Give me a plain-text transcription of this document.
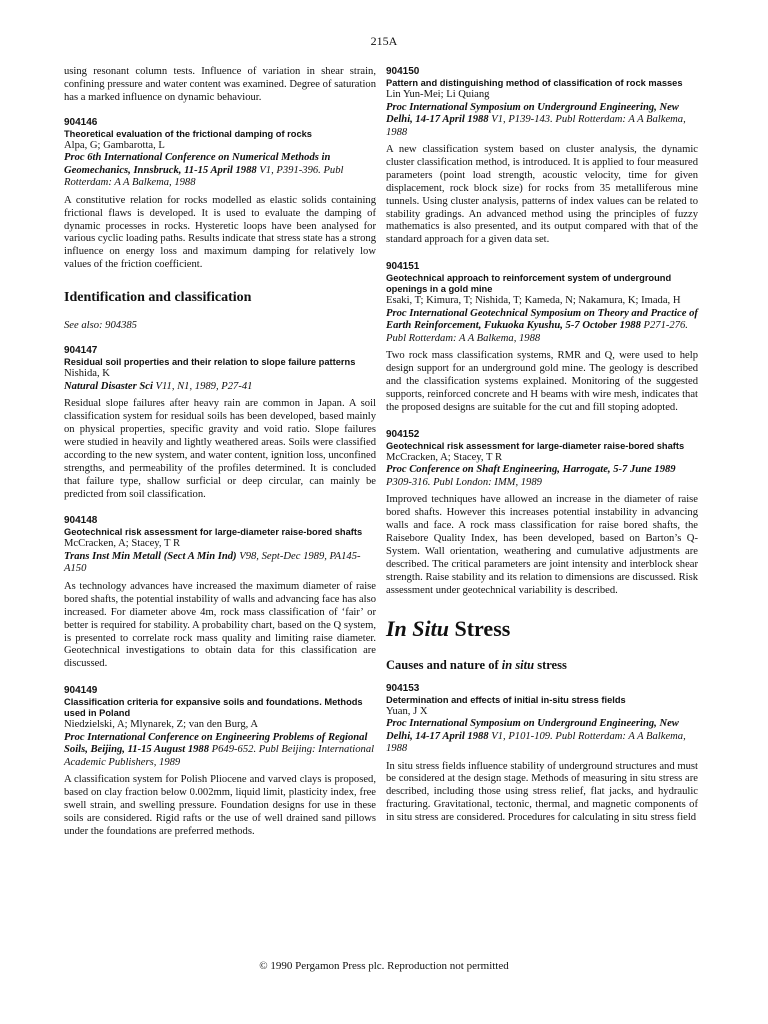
215A

using resonant column tests. Influence of variation in shear strain, confining pressure and water content was examined. Degree of saturation has a marked influence on dynamic behaviour.

904146

Theoretical evaluation of the frictional damping of rocks

Alpa, G; Gambarotta, L

Proc 6th International Conference on Numerical Methods in Geomechanics, Innsbruck, 11-15 April 1988 V1, P391-396. Publ Rotterdam: A A Balkema, 1988

A constitutive relation for rocks modelled as elastic solids containing frictional flaws is developed. It is used to evaluate the damping of dynamic processes in rocks. Hysteretic loops have been analysed for various cyclic loading paths. Results indicate that stress state has a strong influence on energy loss and maximum damping for relatively low values of the friction coefficient.

Identification and classification

See also: 904385

904147

Residual soil properties and their relation to slope failure patterns

Nishida, K

Natural Disaster Sci V11, N1, 1989, P27-41

Residual slope failures after heavy rain are common in Japan. A soil classification system for residual soils has been developed, based mainly on physical properties, specific gravity and void ratio. Slope failures were studied in heavily and lightly weathered areas. Soils were classified according to the new system, and water content, ignition loss, unconfined strengths, and permeability of the profiles determined. It is concluded that failure type, shallow surficial or deep circular, can mainly be predicted from soil classification.

904148

Geotechnical risk assessment for large-diameter raise-bored shafts

McCracken, A; Stacey, T R

Trans Inst Min Metall (Sect A Min Ind) V98, Sept-Dec 1989, PA145-A150

As technology advances have increased the maximum diameter of raise bored shafts, the potential instability of walls and advancing face has also increased. For diameter above 4m, rock mass classification of ‘fair’ or better is required for stability. A probability chart, based on the Q system, is presented to correlate rock mass quality and limiting raise diameter. Geotechnical investigations to obtain data for this classification are discussed.

904149

Classification criteria for expansive soils and foundations. Methods used in Poland

Niedzielski, A; Mlynarek, Z; van den Burg, A

Proc International Conference on Engineering Problems of Regional Soils, Beijing, 11-15 August 1988 P649-652. Publ Beijing: International Academic Publishers, 1989

A classification system for Polish Pliocene and varved clays is proposed, based on clay fraction below 0.002mm, liquid limit, plasticity index, free swell strain, and swelling pressure. Foundation designs for use in these soils are considered. Rigid rafts or the use of well drained sand pillows under the foundations are preferred methods.

904150

Pattern and distinguishing method of classification of rock masses

Lin Yun-Mei; Li Quiang

Proc International Symposium on Underground Engineering, New Delhi, 14-17 April 1988 V1, P139-143. Publ Rotterdam: A A Balkema, 1988

A new classification system based on cluster analysis, the dynamic cluster classification method, is introduced. It is applied to four measured parameters (point load strength, acoustic velocity, time for given displacement, rock block size) for rocks from 35 metalliferous mine tunnels. Using cluster analysis, patterns of index values can be related to stability gradings. An advanced method using the principles of fuzzy mathematics is also presented, and its output compared with that of the standard approach for a given data set.

904151

Geotechnical approach to reinforcement system of underground openings in a gold mine

Esaki, T; Kimura, T; Nishida, T; Kameda, N; Nakamura, K; Imada, H

Proc International Geotechnical Symposium on Theory and Practice of Earth Reinforcement, Fukuoka Kyushu, 5-7 October 1988 P271-276. Publ Rotterdam: A A Balkema, 1988

Two rock mass classification systems, RMR and Q, were used to help design support for an underground gold mine. The geology is described and the classification systems explained. Monitoring of the suggested supports, reinforced concrete and H beams with wire mesh, indicates that the proposed designs are suitable for the cut and fill stoping adopted.

904152

Geotechnical risk assessment for large-diameter raise-bored shafts

McCracken, A; Stacey, T R

Proc Conference on Shaft Engineering, Harrogate, 5-7 June 1989 P309-316. Publ London: IMM, 1989

Improved techniques have allowed an increase in the diameter of raise bored shafts. However this increases potential instability in advancing walls and face. A rock mass classification for raise bored shafts, the Raisebore Quality Index, has been developed, based on Barton’s Q-System. Wall orientation, weathering and cumulative adjustments are described. The critical parameters are joint intensity and interblock shear strength. Raise stability and its relation to dimensions are discussed. Risk assessment under geotechnical variability is described.

In Situ Stress
Causes and nature of in situ stress

904153

Determination and effects of initial in-situ stress fields

Yuan, J X

Proc International Symposium on Underground Engineering, New Delhi, 14-17 April 1988 V1, P101-109. Publ Rotterdam: A A Balkema, 1988

In situ stress fields influence stability of underground structures and must be considered at the design stage. Methods of measuring in situ stress are described, including those using stress relief, flat jacks, and hydraulic fracturing. Gravitational, tectonic, thermal, and magnetic components of in situ stress are considered. Procedures for calculating in situ stress field

© 1990 Pergamon Press plc. Reproduction not permitted
